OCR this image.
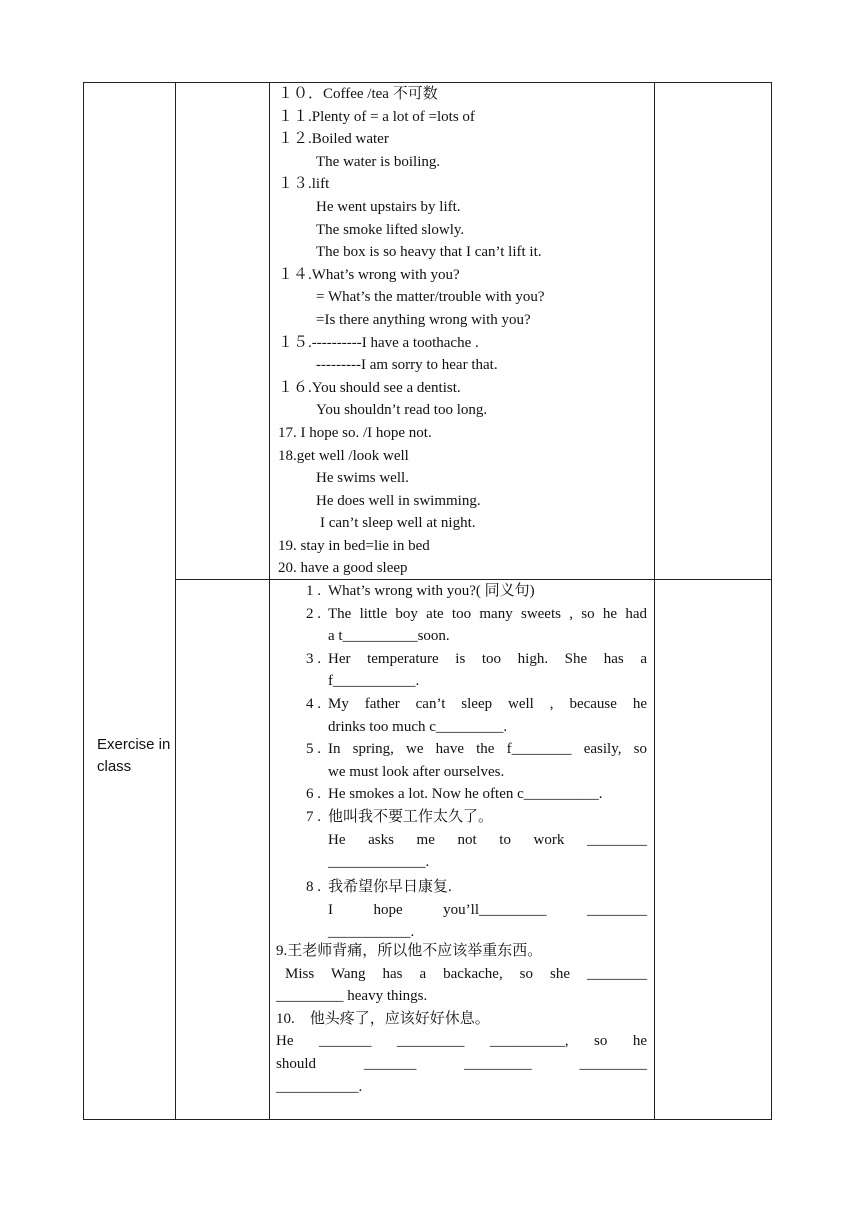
１０．Coffee /tea 不可数
１１.Plenty of = a lot of =lots of
１２.Boiled water
The water is boiling.
１３.lift
He went upstairs by lift.
The smoke lifted slowly.
The box is so heavy that I can’t lift it.
１４.What’s wrong with you?
= What’s the matter/trouble with you?
=Is there anything wrong with you?
１５.----------I have a toothache .
---------I am sorry to hear that.
１６.You should see a dentist.
You shouldn’t read too long.
17. I hope so. /I hope not.
18.get well /look well
He swims well.
He does well in swimming.
I can’t sleep well at night.
19. stay in bed=lie in bed
20. have a good sleep
Exercise in class
1 . What’s wrong with you?( 同义句)
2 . The little boy ate too many sweets , so he had
a t__________soon.
3 . Her temperature is too high. She has a
f___________.
4 . My father can’t sleep well , because he
drinks too much c_________.
5 . In spring, we have the f________ easily, so
we must look after ourselves.
6 . He smokes a lot. Now he often c__________.
7 . 他叫我不要工作太久了。
He asks me not to work ________
_____________.
8 . 我希望你早日康复.
I hope you’ll_________ ________
___________.
9.王老师背痛，所以他不应该举重东西。
Miss Wang has a backache, so she ________
_________ heavy things.
10.　他头疼了，应该好好休息。
He _______ _________ __________, so he
should _______ _________ _________
___________.
